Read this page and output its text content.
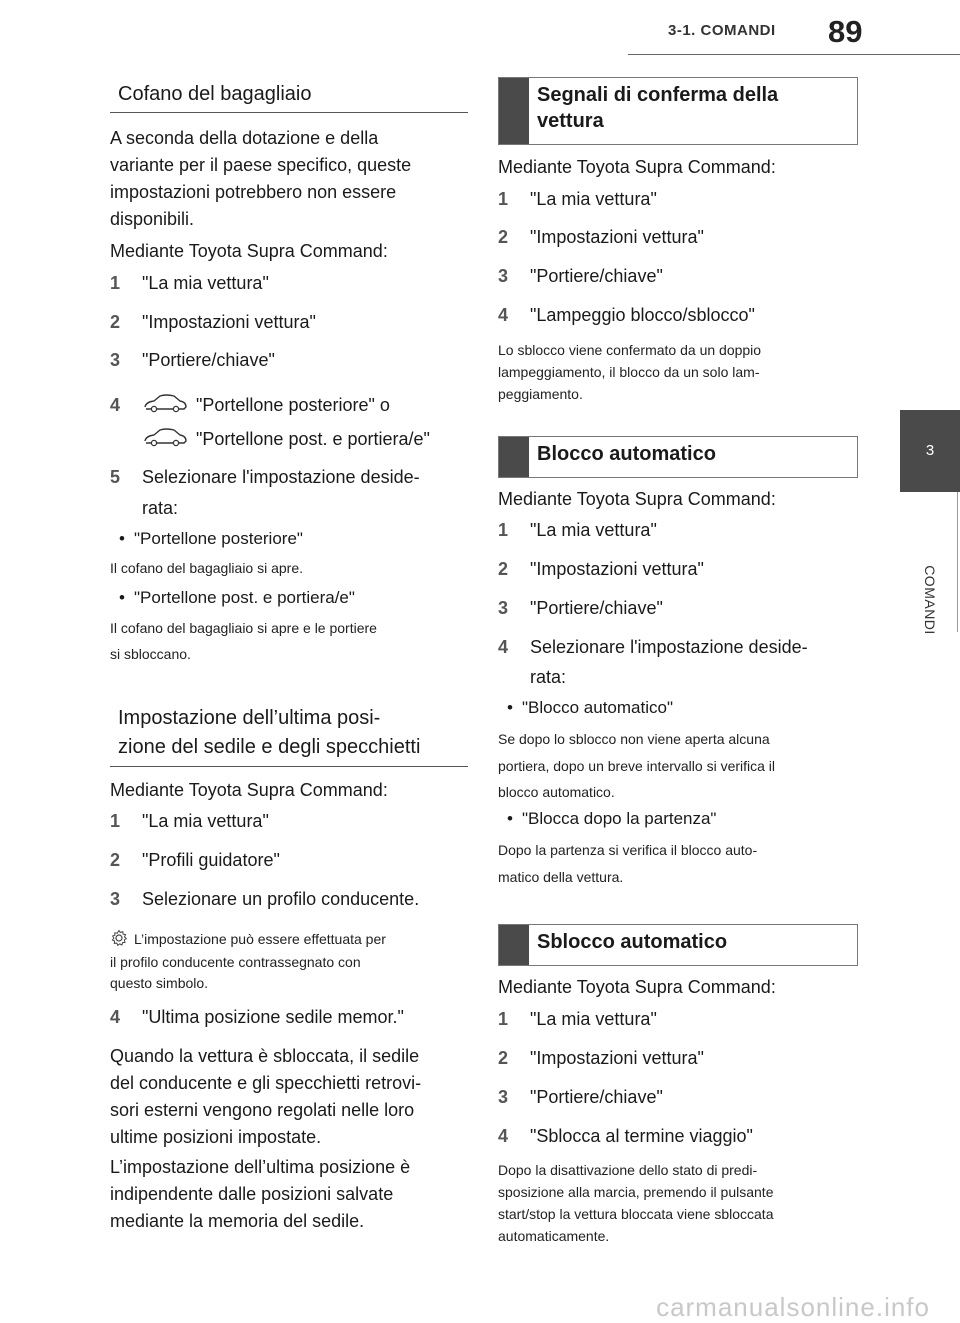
3-1. COMANDI 89
3
COMANDI
Cofano del bagagliaio
A seconda della dotazione e della
variante per il paese specifico, queste
impostazioni potrebbero non essere
disponibili.
Mediante Toyota Supra Command:
1	"La mia vettura"
2	"Impostazioni vettura"
3	"Portiere/chiave"
4	"Portellone posteriore" o
"Portellone post. e portiera/e"
5	Selezionare l'impostazione deside-
rata:
• "Portellone posteriore"
Il cofano del bagagliaio si apre.
• "Portellone post. e portiera/e"
Il cofano del bagagliaio si apre e le portiere
si sbloccano.
Impostazione dell’ultima posi-
zione del sedile e degli specchietti
Mediante Toyota Supra Command:
1	"La mia vettura"
2	"Profili guidatore"
3	Selezionare un profilo conducente.
L’impostazione può essere effettuata per
il profilo conducente contrassegnato con
questo simbolo.
4	"Ultima posizione sedile memor."
Quando la vettura è sbloccata, il sedile
del conducente e gli specchietti retrovi-
sori esterni vengono regolati nelle loro
ultime posizioni impostate.
L’impostazione dell’ultima posizione è
indipendente dalle posizioni salvate
mediante la memoria del sedile.
Segnali di conferma della
vettura
Mediante Toyota Supra Command:
1	"La mia vettura"
2	"Impostazioni vettura"
3	"Portiere/chiave"
4	"Lampeggio blocco/sblocco"
Lo sblocco viene confermato da un doppio
lampeggiamento, il blocco da un solo lam-
peggiamento.
Blocco automatico
Mediante Toyota Supra Command:
1	"La mia vettura"
2	"Impostazioni vettura"
3	"Portiere/chiave"
4	Selezionare l'impostazione deside-
rata:
• "Blocco automatico"
Se dopo lo sblocco non viene aperta alcuna
portiera, dopo un breve intervallo si verifica il
blocco automatico.
• "Blocca dopo la partenza"
Dopo la partenza si verifica il blocco auto-
matico della vettura.
Sblocco automatico
Mediante Toyota Supra Command:
1	"La mia vettura"
2	"Impostazioni vettura"
3	"Portiere/chiave"
4	"Sblocca al termine viaggio"
Dopo la disattivazione dello stato di predi-
sposizione alla marcia, premendo il pulsante
start/stop la vettura bloccata viene sbloccata
automaticamente.
carmanualsonline.info
